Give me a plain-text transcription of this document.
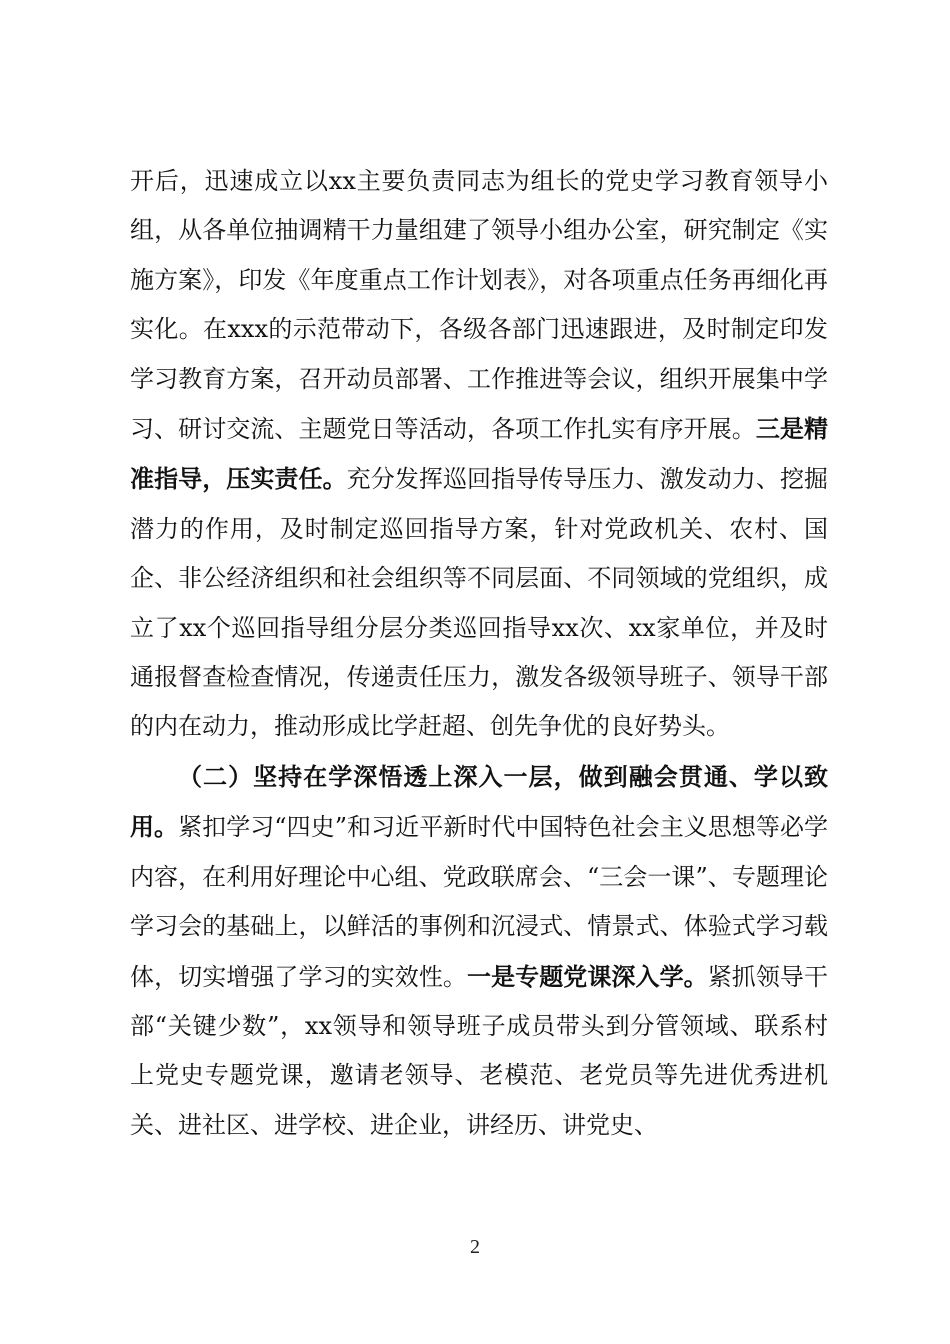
开后，迅速成立以xx主要负责同志为组长的党史学习教育领导小组，从各单位抽调精干力量组建了领导小组办公室，研究制定《实施方案》，印发《年度重点工作计划表》，对各项重点任务再细化再实化。在xxx的示范带动下，各级各部门迅速跟进，及时制定印发学习教育方案，召开动员部署、工作推进等会议，组织开展集中学习、研讨交流、主题党日等活动，各项工作扎实有序开展。三是精准指导，压实责任。充分发挥巡回指导传导压力、激发动力、挖掘潜力的作用，及时制定巡回指导方案，针对党政机关、农村、国企、非公经济组织和社会组织等不同层面、不同领域的党组织，成立了xx个巡回指导组分层分类巡回指导xx次、xx家单位，并及时通报督查检查情况，传递责任压力，激发各级领导班子、领导干部的内在动力，推动形成比学赶超、创先争优的良好势头。

（二）坚持在学深悟透上深入一层，做到融会贯通、学以致用。紧扣学习“四史”和习近平新时代中国特色社会主义思想等必学内容，在利用好理论中心组、党政联席会、“三会一课”、专题理论学习会的基础上，以鲜活的事例和沉浸式、情景式、体验式学习载体，切实增强了学习的实效性。一是专题党课深入学。紧抓领导干部“关键少数”，xx领导和领导班子成员带头到分管领域、联系村上党史专题党课，邀请老领导、老模范、老党员等先进优秀进机关、进社区、进学校、进企业，讲经历、讲党史、

2
